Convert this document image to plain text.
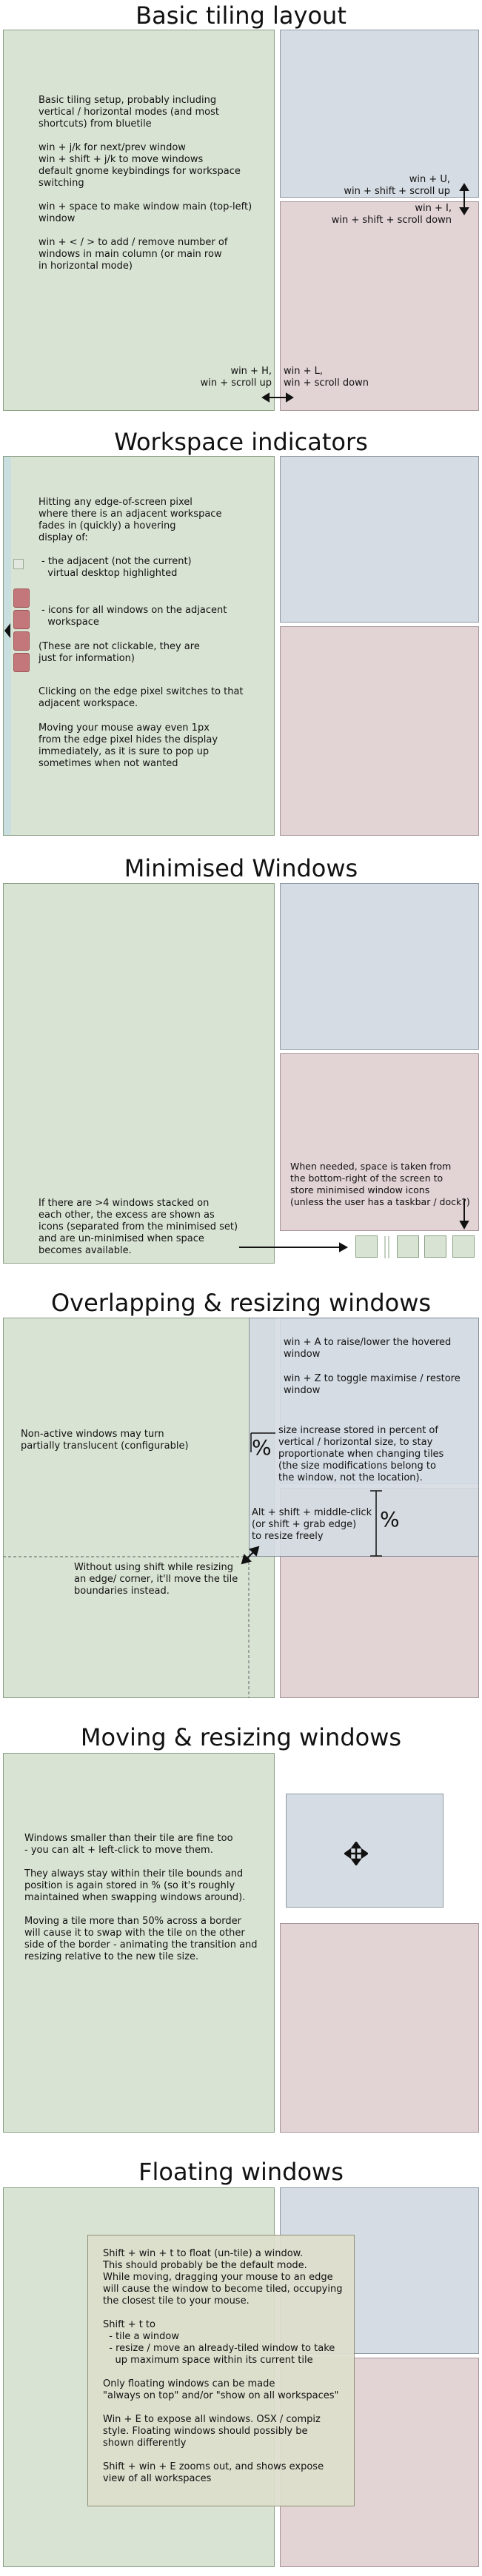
Basic tiling layout
Basic tiling setup, probably including
vertical / horizontal modes (and most
shortcuts) from bluetile

win + j/k for next/prev window
win + shift + j/k to move windows
default gnome keybindings for workspace
switching

win + space to make window main (top-left)
window

win + < / > to add / remove number of
windows in main column (or main row
in horizontal mode)
win + U,
win + shift + scroll up
win + I,
win + shift + scroll down
win + H,
win + scroll up
win + L,
win + scroll down
Workspace indicators
Hitting any edge-of-screen pixel
where there is an adjacent workspace
fades in (quickly) a hovering
display of:
- the adjacent (not the current)
virtual desktop highlighted
- icons for all windows on the adjacent
workspace
(These are not clickable, they are
just for information)
Clicking on the edge pixel switches to that
adjacent workspace.
Moving your mouse away even 1px
from the edge pixel hides the display
immediately, as it is sure to pop up
sometimes when not wanted
Minimised Windows
When needed, space is taken from
the bottom-right of the screen to
store minimised window icons
(unless the user has a taskbar / dock?)
If there are >4 windows stacked on
each other, the excess are shown as
icons (separated from the minimised set)
and are un-minimised when space
becomes available.
Overlapping & resizing windows
win + A to raise/lower the hovered
window
win + Z to toggle maximise / restore
window
Non-active windows may turn
partially translucent (configurable)
size increase stored in percent of
vertical / horizontal size, to stay
proportionate when changing tiles
(the size modifications belong to
the window, not the location).
Alt + shift + middle-click
(or shift + grab edge)
to resize freely
Without using shift while resizing
an edge/ corner, it'll move the tile
boundaries instead.
%
%
Moving & resizing windows
Windows smaller than their tile are fine too
- you can alt + left-click to move them.

They always stay within their tile bounds and
position is again stored in % (so it's roughly
maintained when swapping windows around).

Moving a tile more than 50% across a border
will cause it to swap with the tile on the other
side of the border - animating the transition and
resizing relative to the new tile size.
Floating windows
Shift + win + t to float (un-tile) a window.
This should probably be the default mode.
While moving, dragging your mouse to an edge
will cause the window to become tiled, occupying
the closest tile to your mouse.

Shift + t to
- tile a window
- resize / move an already-tiled window to take
up maximum space within its current tile

Only floating windows can be made
"always on top" and/or "show on all workspaces"

Win + E to expose all windows. OSX / compiz
style. Floating windows should possibly be
shown differently

Shift + win + E zooms out, and shows expose
view of all workspaces
